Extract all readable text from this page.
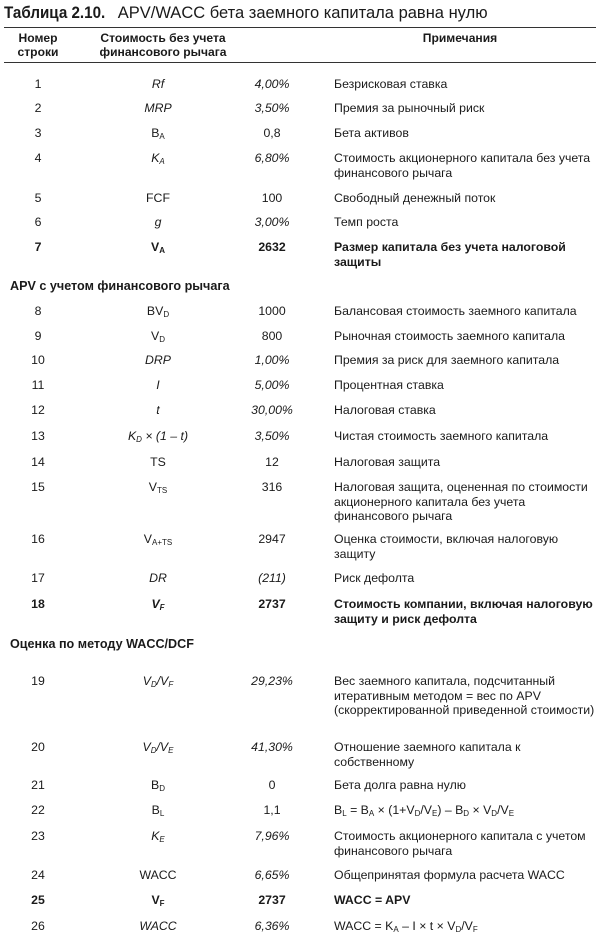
Таблица 2.10. APV/WACC бета заемного капитала равна нулю
Номер строки
Стоимость без учета финансового рычага
Примечания
APV с учетом финансового рычага
Оценка по методу WACC/DCF
1	Rf	4,00%	Безрисковая ставка
2	MRP	3,50%	Премия за рыночный риск
3	$B_A$	0,8	Бета активов
4	$K_A$	6,80%	Стоимость акционерного капитала без учета финансового рычага
5	FCF	100	Свободный денежный поток
6	g	3,00%	Темп роста
7	$V_A$	2632	Размер капитала без учета налоговой защиты
8	$BV_D$	1000	Балансовая стоимость заемного капитала
9	$V_D$	800	Рыночная стоимость заемного капитала
10	DRP	1,00%	Премия за риск для заемного капитала
11	I	5,00%	Процентная ставка
12	t	30,00%	Налоговая ставка
13	$K_D \times (1 - t)$	3,50%	Чистая стоимость заемного капитала
14	TS	12	Налоговая защита
15	$V_{TS}$	316	Налоговая защита, оцененная по стоимости акционерного капитала без учета финансового рычага
16	$V_{A+TS}$	2947	Оценка стоимости, включая налоговую защиту
17	DR	(211)	Риск дефолта
18	$V_F$	2737	Стоимость компании, включая налоговую защиту и риск дефолта
19	$V_D/V_F$	29,23%	Вес заемного капитала, подсчитанный итеративным методом = вес по APV (скорректированной приведенной стоимости)
20	$V_D/V_E$	41,30%	Отношение заемного капитала к собственному
21	$B_D$	0	Бета долга равна нулю
22	$B_L$	1,1	$B_L = B_A \times (1+V_D/V_E) - B_D \times V_D/V_E$
23	$K_E$	7,96%	Стоимость акционерного капитала с учетом финансового рычага
24	WACC	6,65%	Общепринятая формула расчета WACC
25	$V_F$	2737	WACC = APV
26	WACC	6,36%	WACC = $K_A - I \times t \times V_D/V_F$
